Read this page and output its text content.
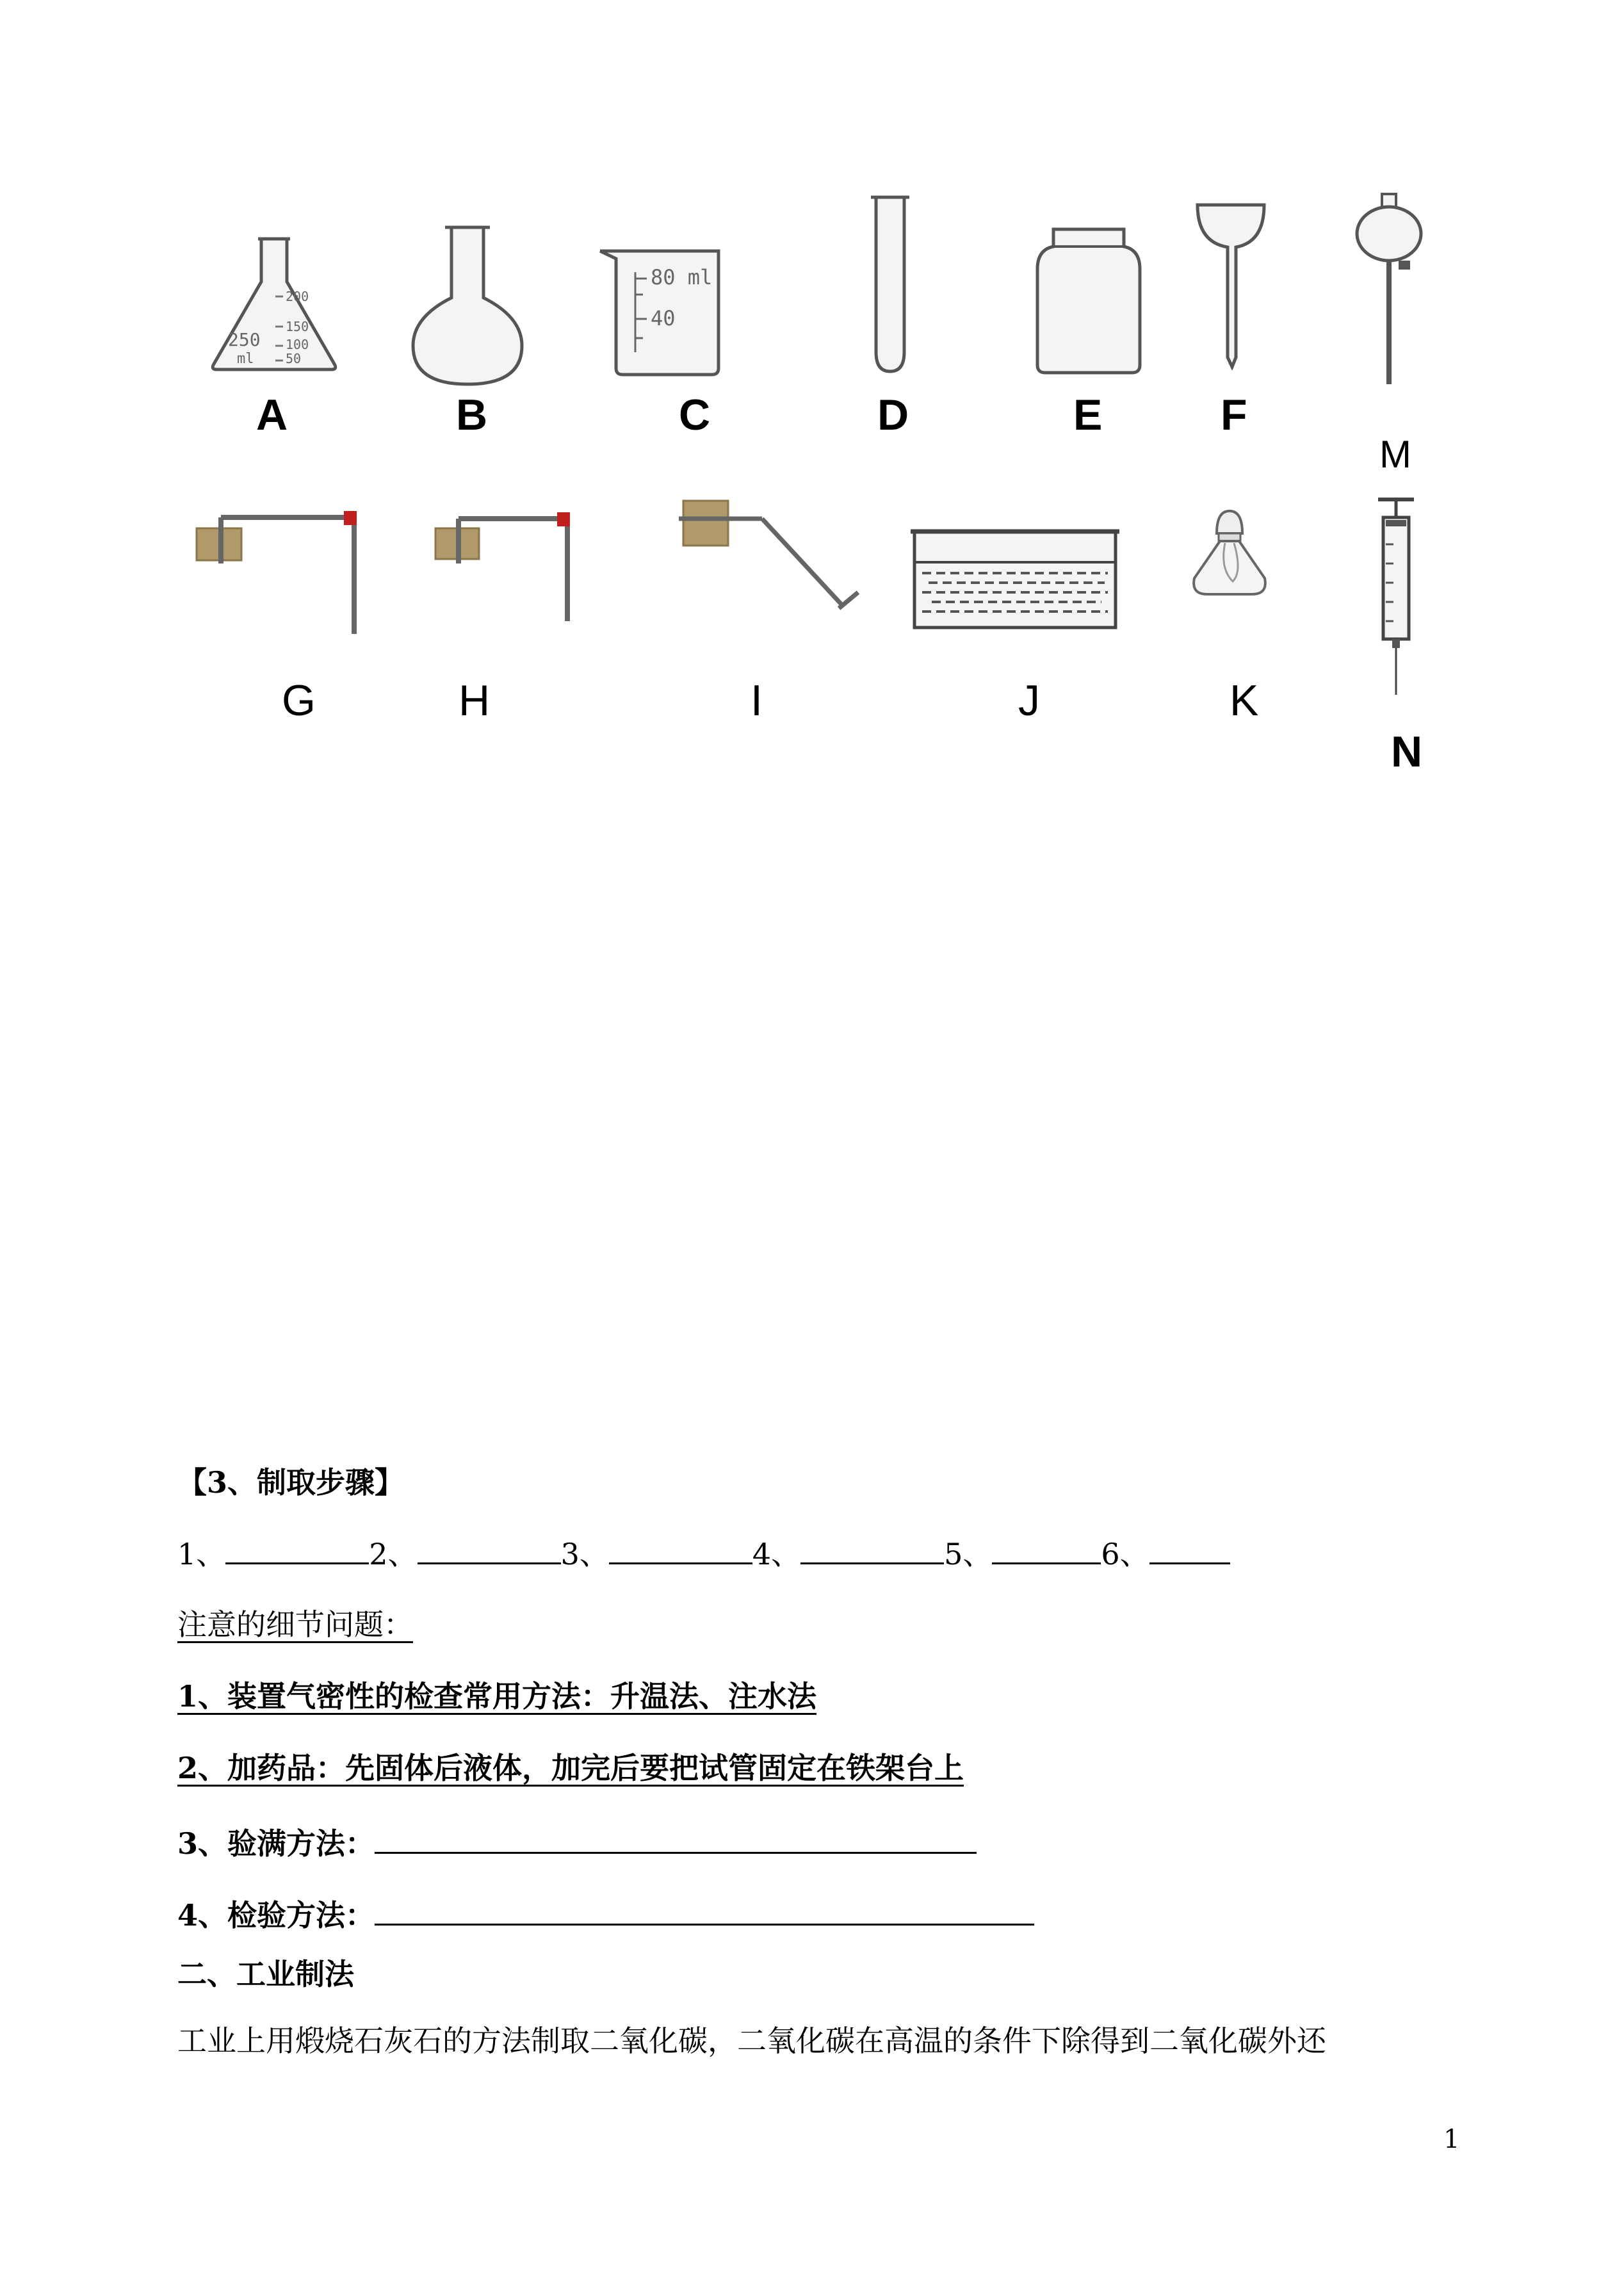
250
ml
200
150
100
50
A	B
80 ml
40
C	D	E	F
M
G	H	I	J	K
N
【3、制取步骤】
1、	2、	3、	4、	5、	6、
注意的细节问题：
1、装置气密性的检查常用方法：升温法、注水法
2、加药品：先固体后液体，加完后要把试管固定在铁架台上
3、验满方法：
4、检验方法：
二、工业制法
工业上用煅烧石灰石的方法制取二氧化碳，二氧化碳在高温的条件下除得到二氧化碳外还
1
